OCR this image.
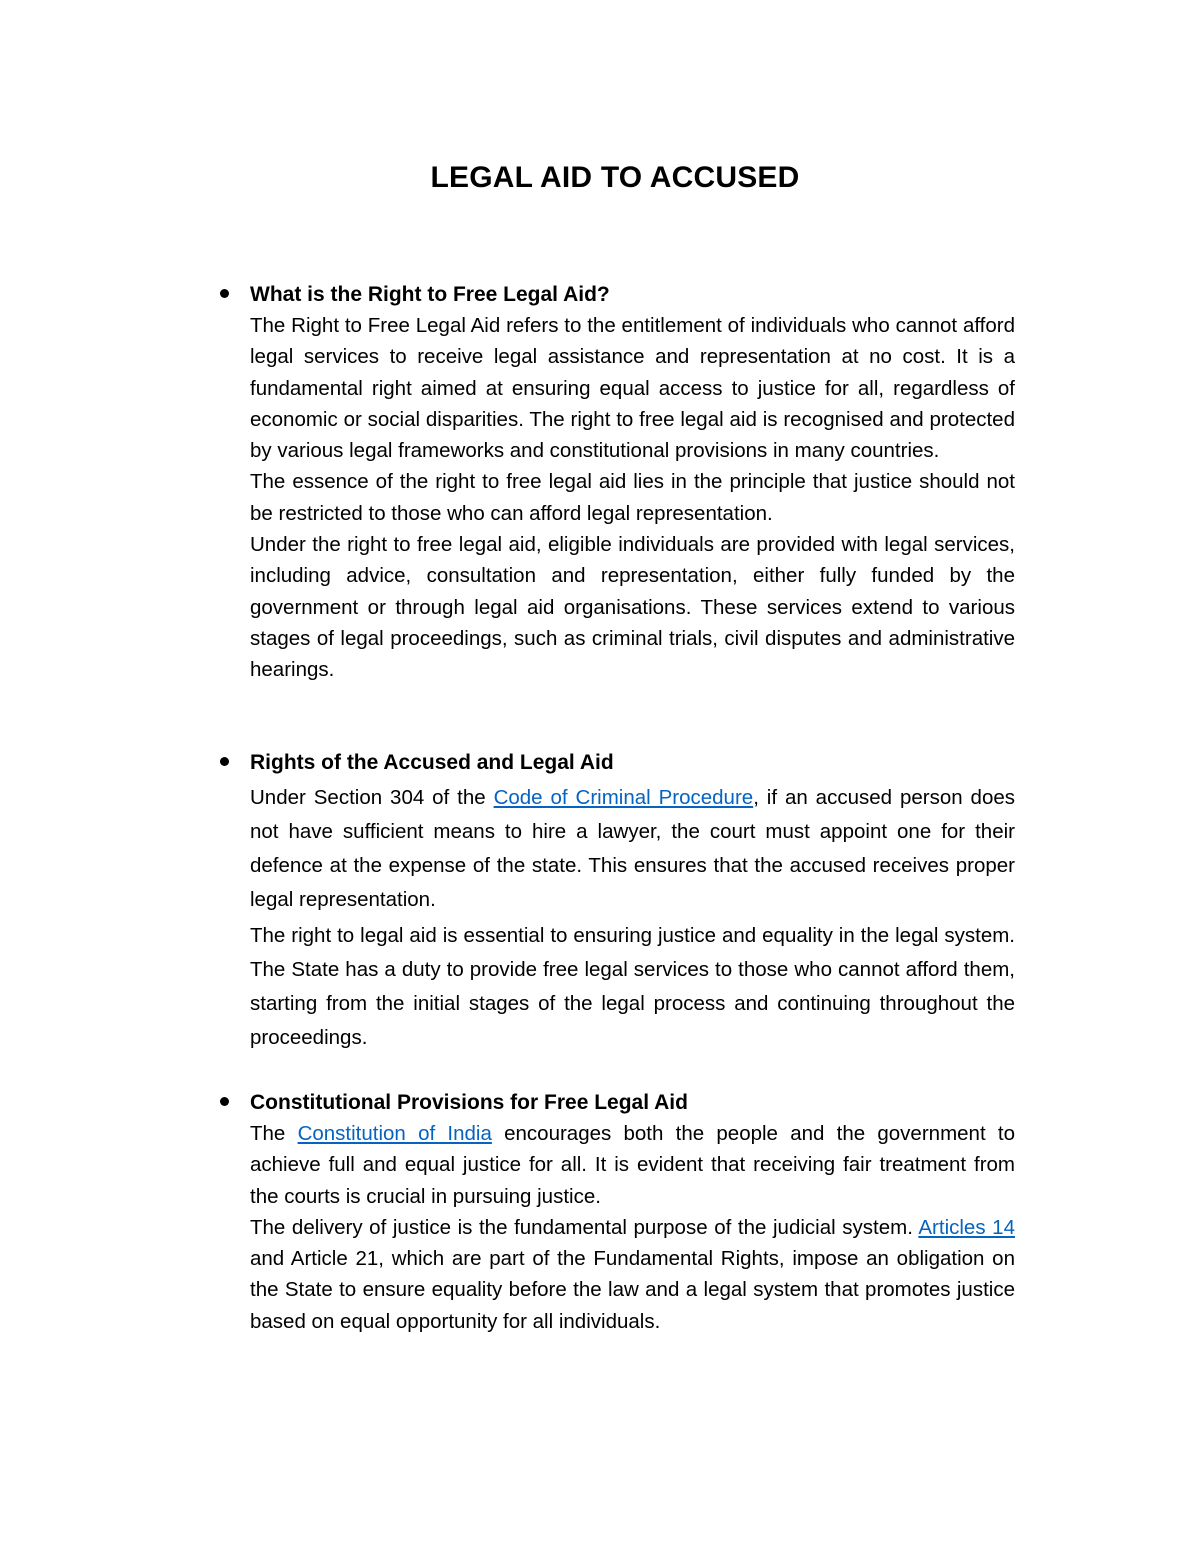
LEGAL AID TO ACCUSED

What is the Right to Free Legal Aid?

The Right to Free Legal Aid refers to the entitlement of individuals who cannot afford legal services to receive legal assistance and representation at no cost. It is a fundamental right aimed at ensuring equal access to justice for all, regardless of economic or social disparities. The right to free legal aid is recognised and protected by various legal frameworks and constitutional provisions in many countries.

The essence of the right to free legal aid lies in the principle that justice should not be restricted to those who can afford legal representation.

Under the right to free legal aid, eligible individuals are provided with legal services, including advice, consultation and representation, either fully funded by the government or through legal aid organisations. These services extend to various stages of legal proceedings, such as criminal trials, civil disputes and administrative hearings.

Rights of the Accused and Legal Aid

Under Section 304 of the Code of Criminal Procedure, if an accused person does not have sufficient means to hire a lawyer, the court must appoint one for their defence at the expense of the state. This ensures that the accused receives proper legal representation.

The right to legal aid is essential to ensuring justice and equality in the legal system. The State has a duty to provide free legal services to those who cannot afford them, starting from the initial stages of the legal process and continuing throughout the proceedings.

Constitutional Provisions for Free Legal Aid

The Constitution of India encourages both the people and the government to achieve full and equal justice for all. It is evident that receiving fair treatment from the courts is crucial in pursuing justice.

The delivery of justice is the fundamental purpose of the judicial system. Articles 14 and Article 21, which are part of the Fundamental Rights, impose an obligation on the State to ensure equality before the law and a legal system that promotes justice based on equal opportunity for all individuals.
